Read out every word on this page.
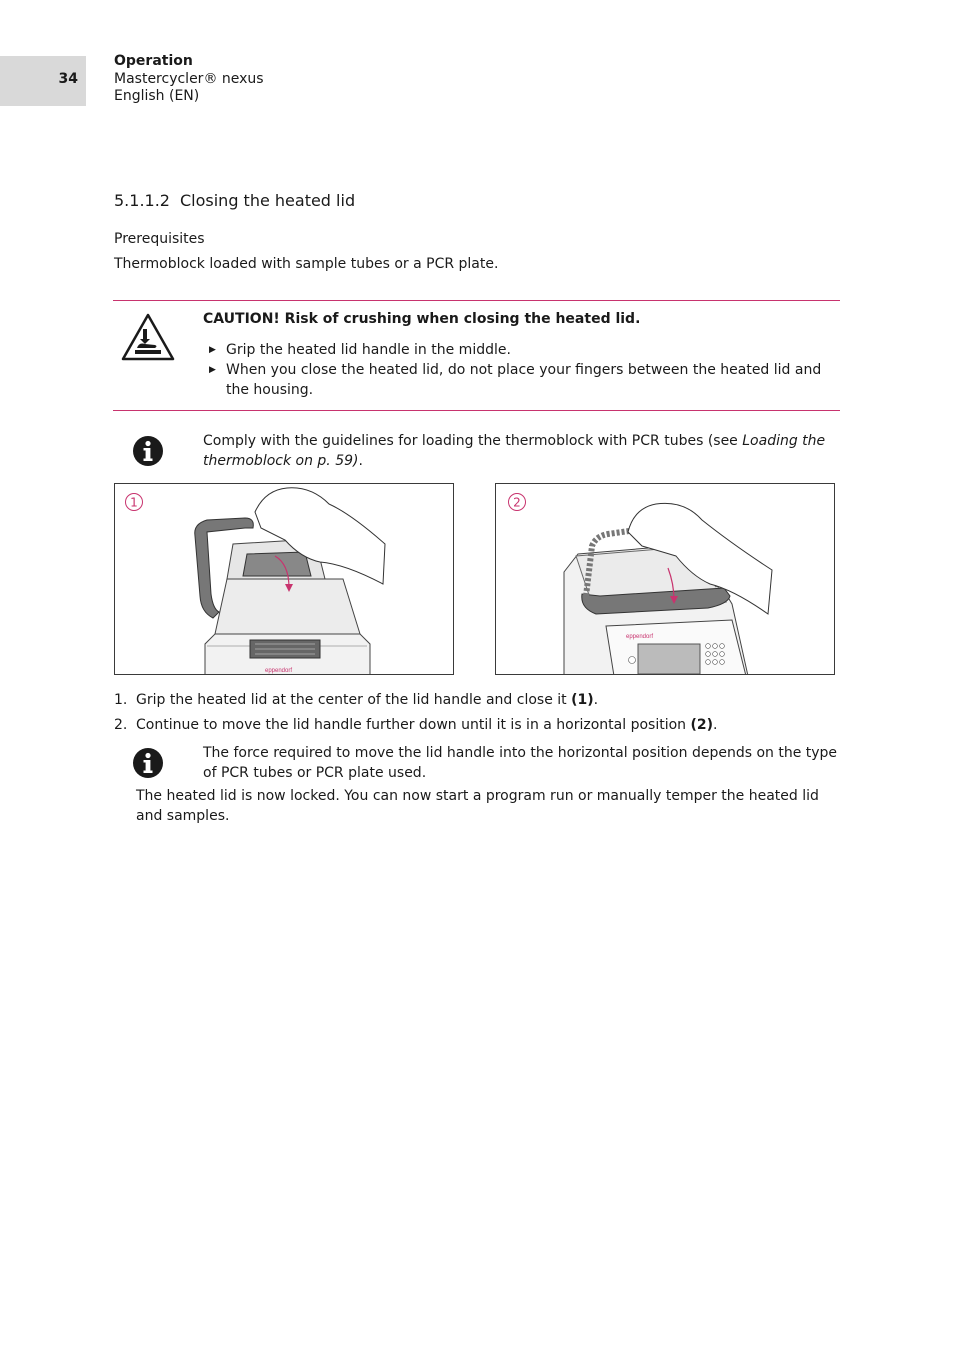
34
Operation
Mastercycler® nexus
English (EN)
5.1.1.2 Closing the heated lid
Prerequisites
Thermoblock loaded with sample tubes or a PCR plate.
CAUTION! Risk of crushing when closing the heated lid.
▶ Grip the heated lid handle in the middle.
▶ When you close the heated lid, do not place your fingers between the heated lid and the housing.
Comply with the guidelines for loading the thermoblock with PCR tubes (see Loading the thermoblock on p. 59).
eppendorf
1
eppendorf
2
1. Grip the heated lid at the center of the lid handle and close it (1).
2. Continue to move the lid handle further down until it is in a horizontal position (2).
The force required to move the lid handle into the horizontal position depends on the type of PCR tubes or PCR plate used.
The heated lid is now locked. You can now start a program run or manually temper the heated lid and samples.
